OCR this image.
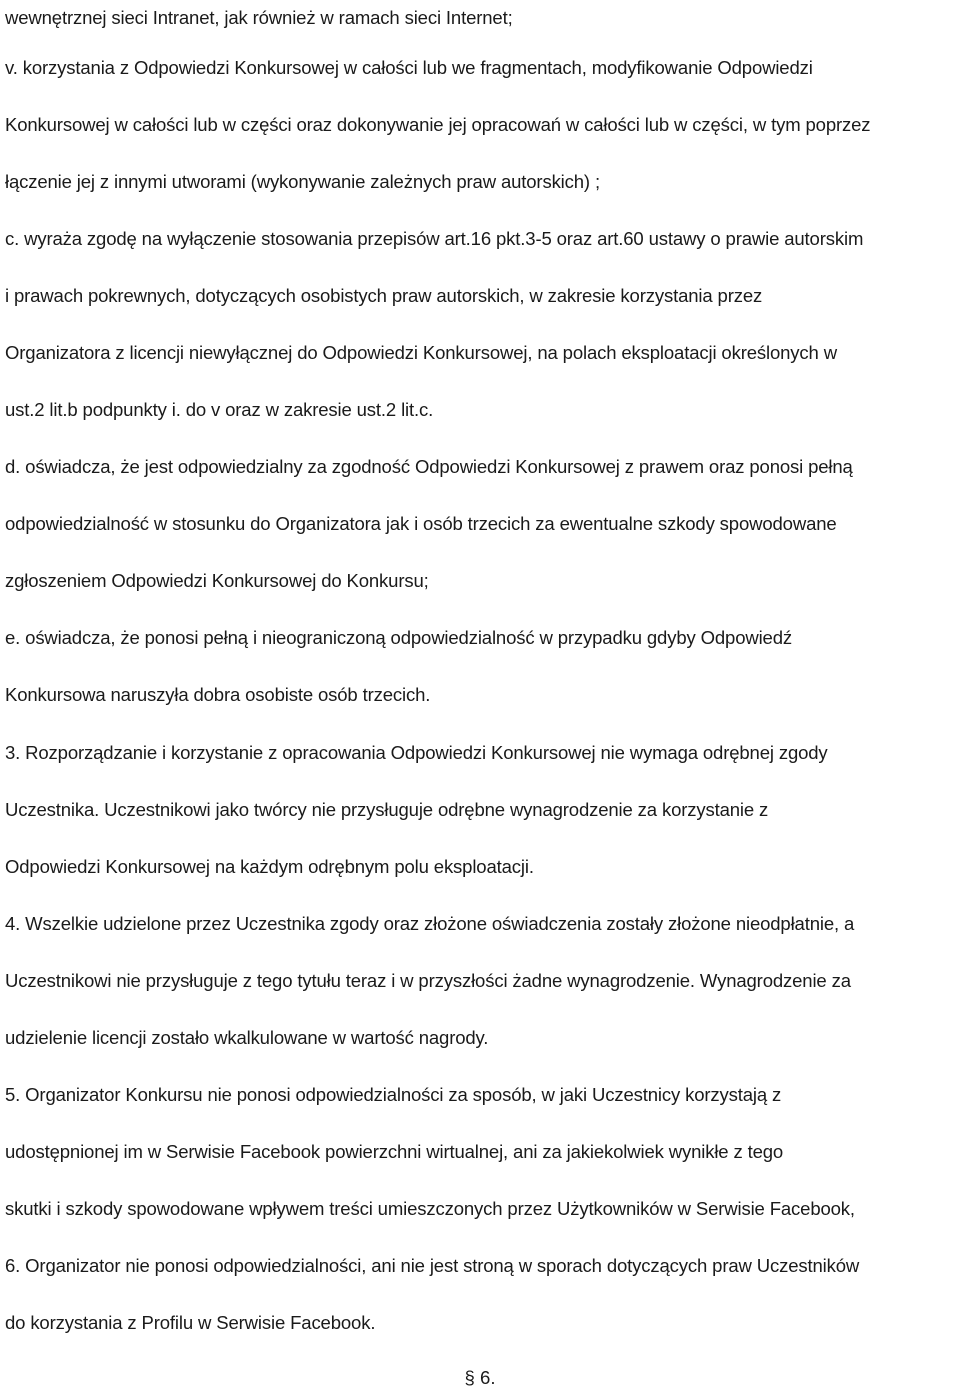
wewnętrznej sieci Intranet, jak również w ramach sieci Internet;
v. korzystania z Odpowiedzi Konkursowej w całości lub we fragmentach, modyfikowanie Odpowiedzi
Konkursowej w całości lub w części oraz dokonywanie jej opracowań w całości lub w części, w tym poprzez
łączenie jej z innymi utworami (wykonywanie zależnych praw autorskich) ;
c. wyraża zgodę na wyłączenie stosowania przepisów art.16 pkt.3-5 oraz art.60 ustawy o prawie autorskim
i prawach pokrewnych, dotyczących osobistych praw autorskich, w zakresie korzystania przez
Organizatora z licencji niewyłącznej do Odpowiedzi Konkursowej, na polach eksploatacji określonych w
ust.2 lit.b podpunkty i. do v oraz w zakresie ust.2 lit.c.
d. oświadcza, że jest odpowiedzialny za zgodność Odpowiedzi Konkursowej z prawem oraz ponosi pełną
odpowiedzialność w stosunku do Organizatora jak i osób trzecich za ewentualne szkody spowodowane
zgłoszeniem Odpowiedzi Konkursowej do Konkursu;
e. oświadcza, że ponosi pełną i nieograniczoną odpowiedzialność w przypadku gdyby Odpowiedź
Konkursowa naruszyła dobra osobiste osób trzecich.
3. Rozporządzanie i korzystanie z opracowania Odpowiedzi Konkursowej nie wymaga odrębnej zgody
Uczestnika. Uczestnikowi jako twórcy nie przysługuje odrębne wynagrodzenie za korzystanie z
Odpowiedzi Konkursowej na każdym odrębnym polu eksploatacji.
4. Wszelkie udzielone przez Uczestnika zgody oraz złożone oświadczenia zostały złożone nieodpłatnie, a
Uczestnikowi nie przysługuje z tego tytułu teraz i w przyszłości żadne wynagrodzenie. Wynagrodzenie za
udzielenie licencji zostało wkalkulowane w wartość nagrody.
5. Organizator Konkursu nie ponosi odpowiedzialności za sposób, w jaki Uczestnicy korzystają z
udostępnionej im w Serwisie Facebook powierzchni wirtualnej, ani za jakiekolwiek wynikłe z tego
skutki i szkody spowodowane wpływem treści umieszczonych przez Użytkowników w Serwisie Facebook,
6. Organizator nie ponosi odpowiedzialności, ani nie jest stroną w sporach dotyczących praw Uczestników
do korzystania z Profilu w Serwisie Facebook.
§ 6.
